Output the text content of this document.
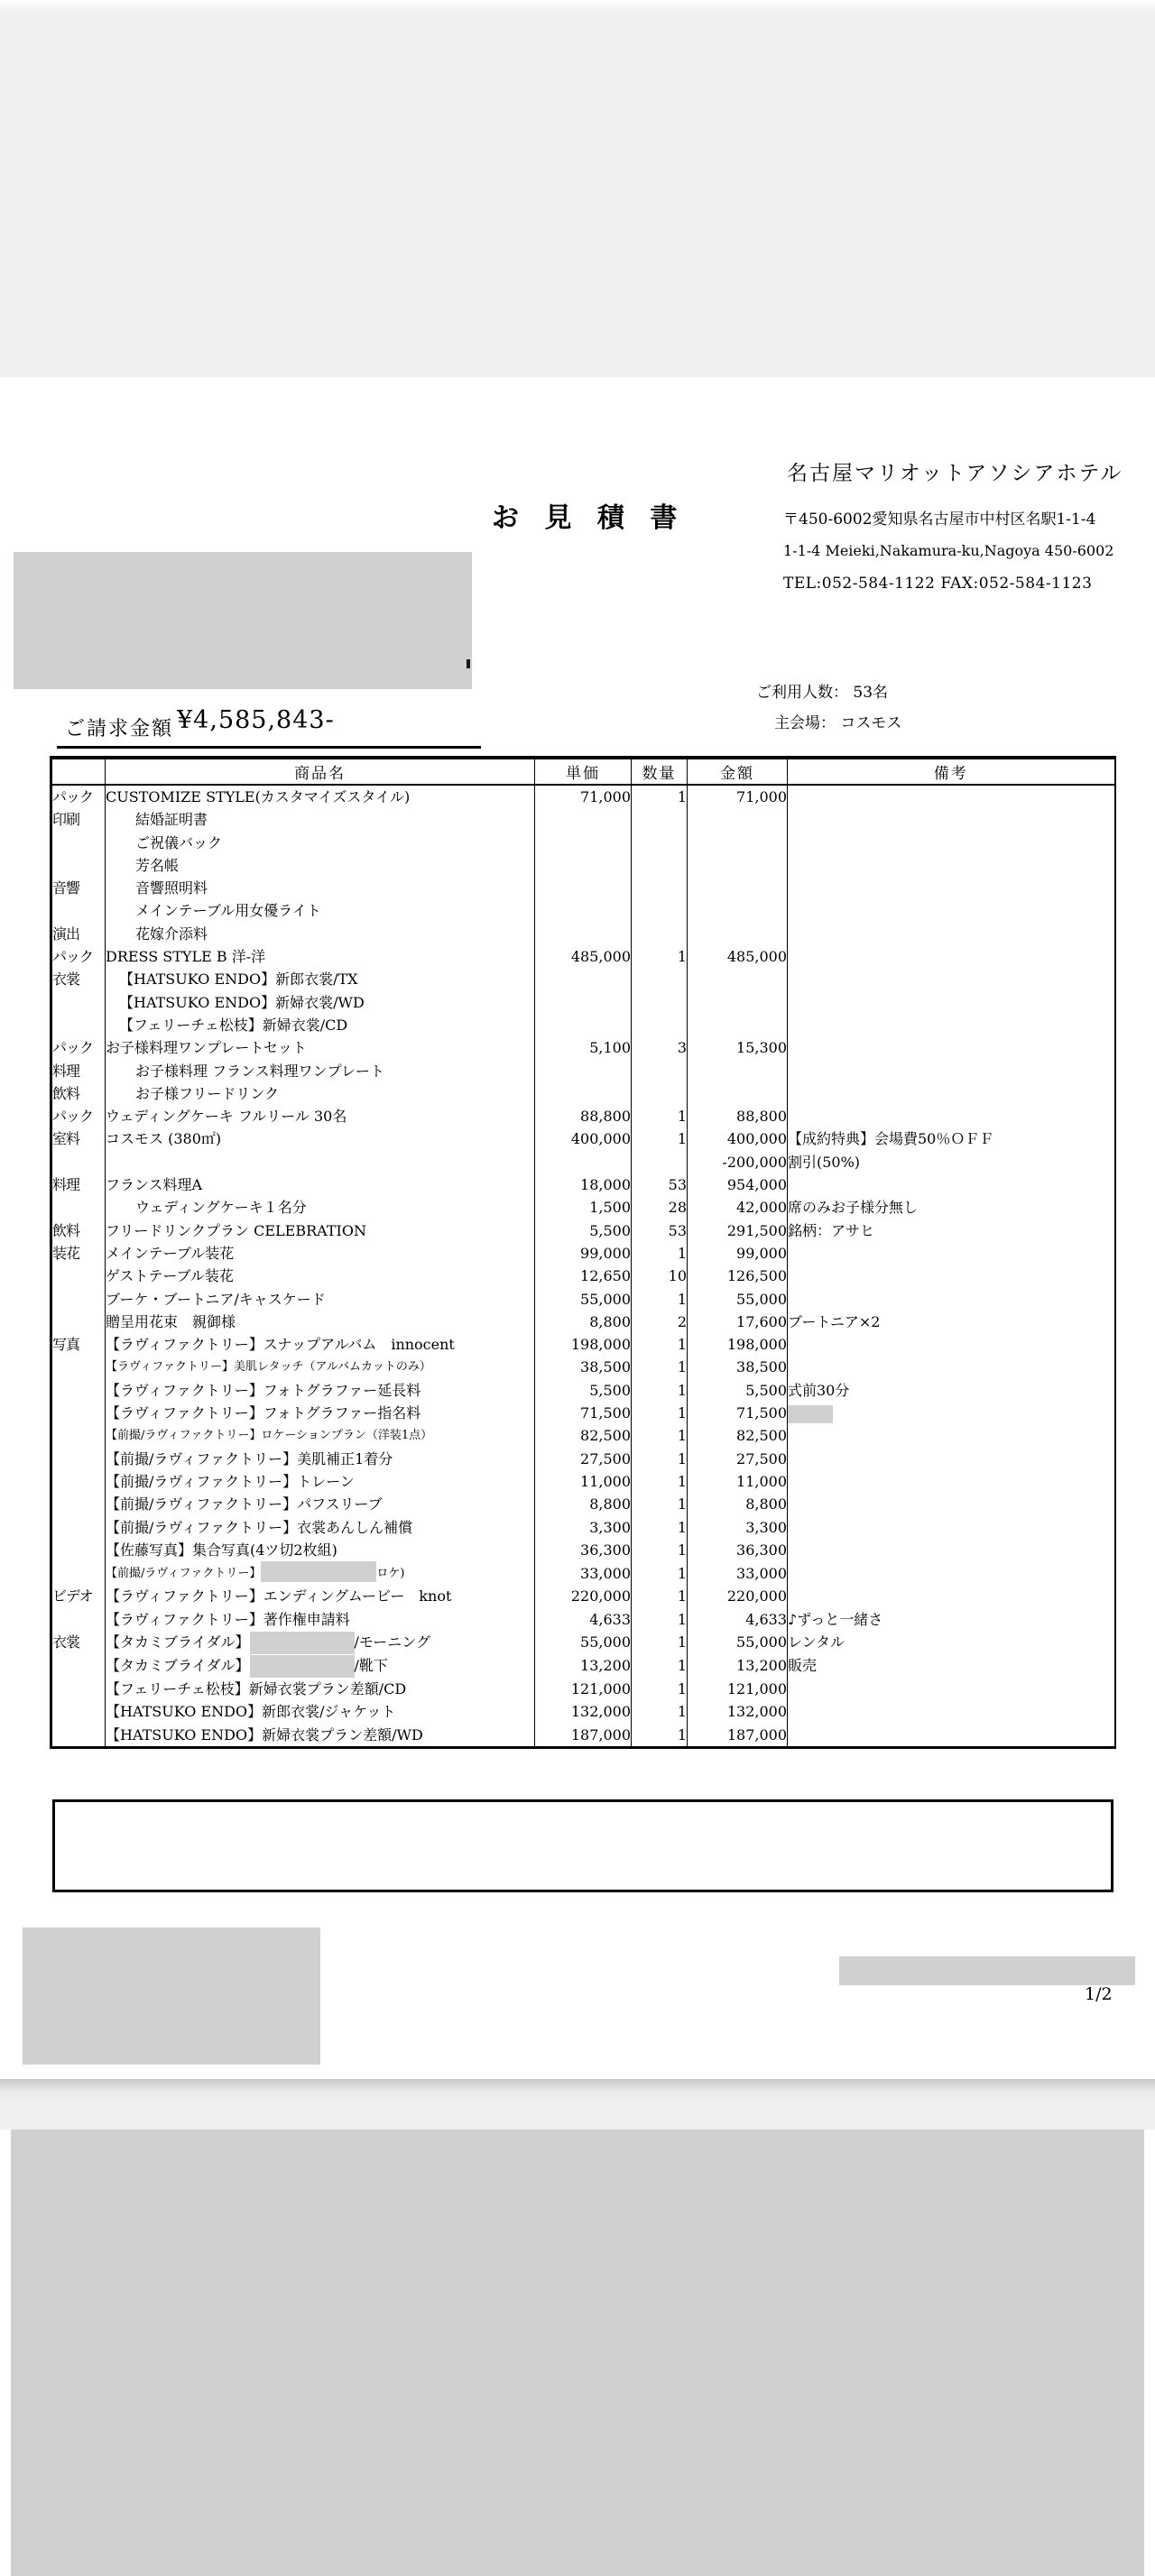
名古屋マリオットアソシアホテル
お 見 積 書	〒450-6002愛知県名古屋市中村区名駅1-1-4
1-1-4 Meieki,Nakamura-ku,Nagoya 450-6002
TEL:052-584-1122 FAX:052-584-1123
ご請求金額 ¥4,585,843-
ご利用人数： 53名
主会場： コスモス
	商品名	単価	数量	金額	備考
パック	CUSTOMIZE STYLE(カスタマイズスタイル)	71,000	1	71,000	
印刷	結婚証明書				
	ご祝儀バック				
	芳名帳				
音響	音響照明料				
	メインテーブル用女優ライト				
演出	花嫁介添料				
パック	DRESS STYLE B 洋-洋	485,000	1	485,000	
衣裳	【HATSUKO ENDO】新郎衣裳/TX				
	【HATSUKO ENDO】新婦衣裳/WD				
	【フェリーチェ松枝】新婦衣裳/CD				
パック	お子様料理ワンプレートセット	5,100	3	15,300	
料理	お子様料理 フランス料理ワンプレート				
飲料	お子様フリードリンク				
パック	ウェディングケーキ フルリール 30名	88,800	1	88,800	
室料	コスモス (380㎡)	400,000	1	400,000	【成約特典】会場費50％ＯＦＦ
				-200,000	割引(50%)
料理	フランス料理A	18,000	53	954,000	
	ウェディングケーキ１名分	1,500	28	42,000	席のみお子様分無し
飲料	フリードリンクプラン CELEBRATION	5,500	53	291,500	銘柄：アサヒ
装花	メインテーブル装花	99,000	1	99,000	
	ゲストテーブル装花	12,650	10	126,500	
	ブーケ・ブートニア/キャスケード	55,000	1	55,000	
	贈呈用花束　親御様	8,800	2	17,600	ブートニア×2
写真	【ラヴィファクトリー】スナップアルバム　innocent	198,000	1	198,000	
	【ラヴィファクトリー】美肌レタッチ（アルバムカットのみ）	38,500	1	38,500	
	【ラヴィファクトリー】フォトグラファー延長料	5,500	1	5,500	式前30分
	【ラヴィファクトリー】フォトグラファー指名料	71,500	1	71,500	
	【前撮/ラヴィファクトリー】ロケーションプラン（洋装1点）	82,500	1	82,500	
	【前撮/ラヴィファクトリー】美肌補正1着分	27,500	1	27,500	
	【前撮/ラヴィファクトリー】トレーン	11,000	1	11,000	
	【前撮/ラヴィファクトリー】パフスリーブ	8,800	1	8,800	
	【前撮/ラヴィファクトリー】衣裳あんしん補償	3,300	1	3,300	
	【佐藤写真】集合写真(4ツ切2枚組)	36,300	1	36,300	
	【前撮/ラヴィファクトリー】 ロケ)	33,000	1	33,000	
ビデオ	【ラヴィファクトリー】エンディングムービー　knot	220,000	1	220,000	
	【ラヴィファクトリー】著作権申請料	4,633	1	4,633	♪ずっと一緒さ
衣裳	【タカミブライダル】 /モーニング	55,000	1	55,000	レンタル
	【タカミブライダル】 /靴下	13,200	1	13,200	販売
	【フェリーチェ松枝】新婦衣裳プラン差額/CD	121,000	1	121,000	
	【HATSUKO ENDO】新郎衣裳/ジャケット	132,000	1	132,000	
	【HATSUKO ENDO】新婦衣裳プラン差額/WD	187,000	1	187,000	
1/2
